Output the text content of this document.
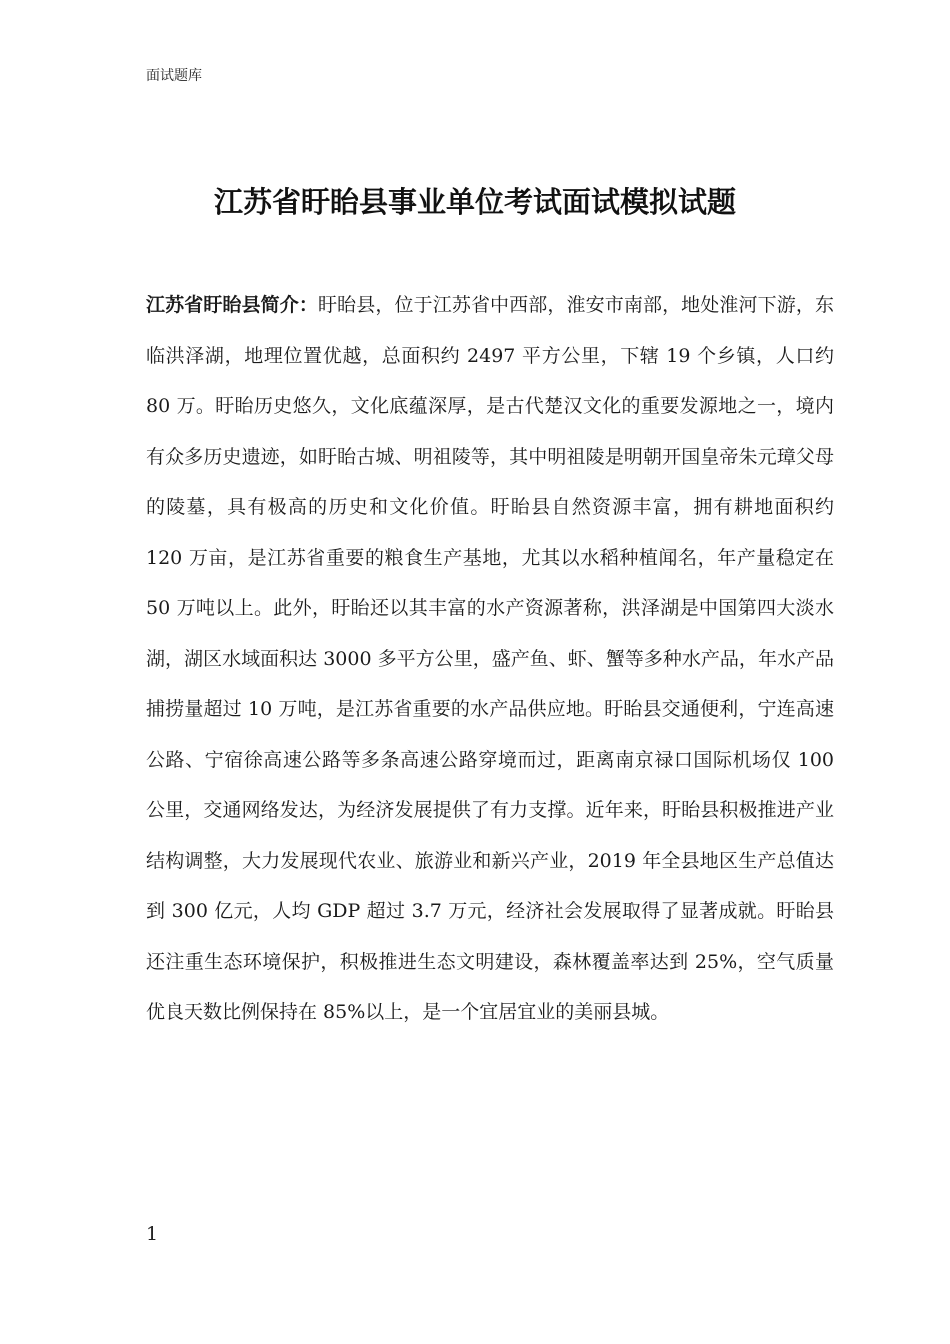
面试题库
江苏省盱眙县事业单位考试面试模拟试题
江苏省盱眙县简介：盱眙县，位于江苏省中西部，淮安市南部，地处淮河下游，东临洪泽湖，地理位置优越，总面积约 2497 平方公里，下辖 19 个乡镇，人口约 80 万。盱眙历史悠久，文化底蕴深厚，是古代楚汉文化的重要发源地之一，境内有众多历史遗迹，如盱眙古城、明祖陵等，其中明祖陵是明朝开国皇帝朱元璋父母的陵墓，具有极高的历史和文化价值。盱眙县自然资源丰富，拥有耕地面积约 120 万亩，是江苏省重要的粮食生产基地，尤其以水稻种植闻名，年产量稳定在 50 万吨以上。此外，盱眙还以其丰富的水产资源著称，洪泽湖是中国第四大淡水湖，湖区水域面积达 3000 多平方公里，盛产鱼、虾、蟹等多种水产品，年水产品捕捞量超过 10 万吨，是江苏省重要的水产品供应地。盱眙县交通便利，宁连高速公路、宁宿徐高速公路等多条高速公路穿境而过，距离南京禄口国际机场仅 100 公里，交通网络发达，为经济发展提供了有力支撑。近年来，盱眙县积极推进产业结构调整，大力发展现代农业、旅游业和新兴产业，2019 年全县地区生产总值达到 300 亿元，人均 GDP 超过 3.7 万元，经济社会发展取得了显著成就。盱眙县还注重生态环境保护，积极推进生态文明建设，森林覆盖率达到 25%，空气质量优良天数比例保持在 85%以上，是一个宜居宜业的美丽县城。
1
